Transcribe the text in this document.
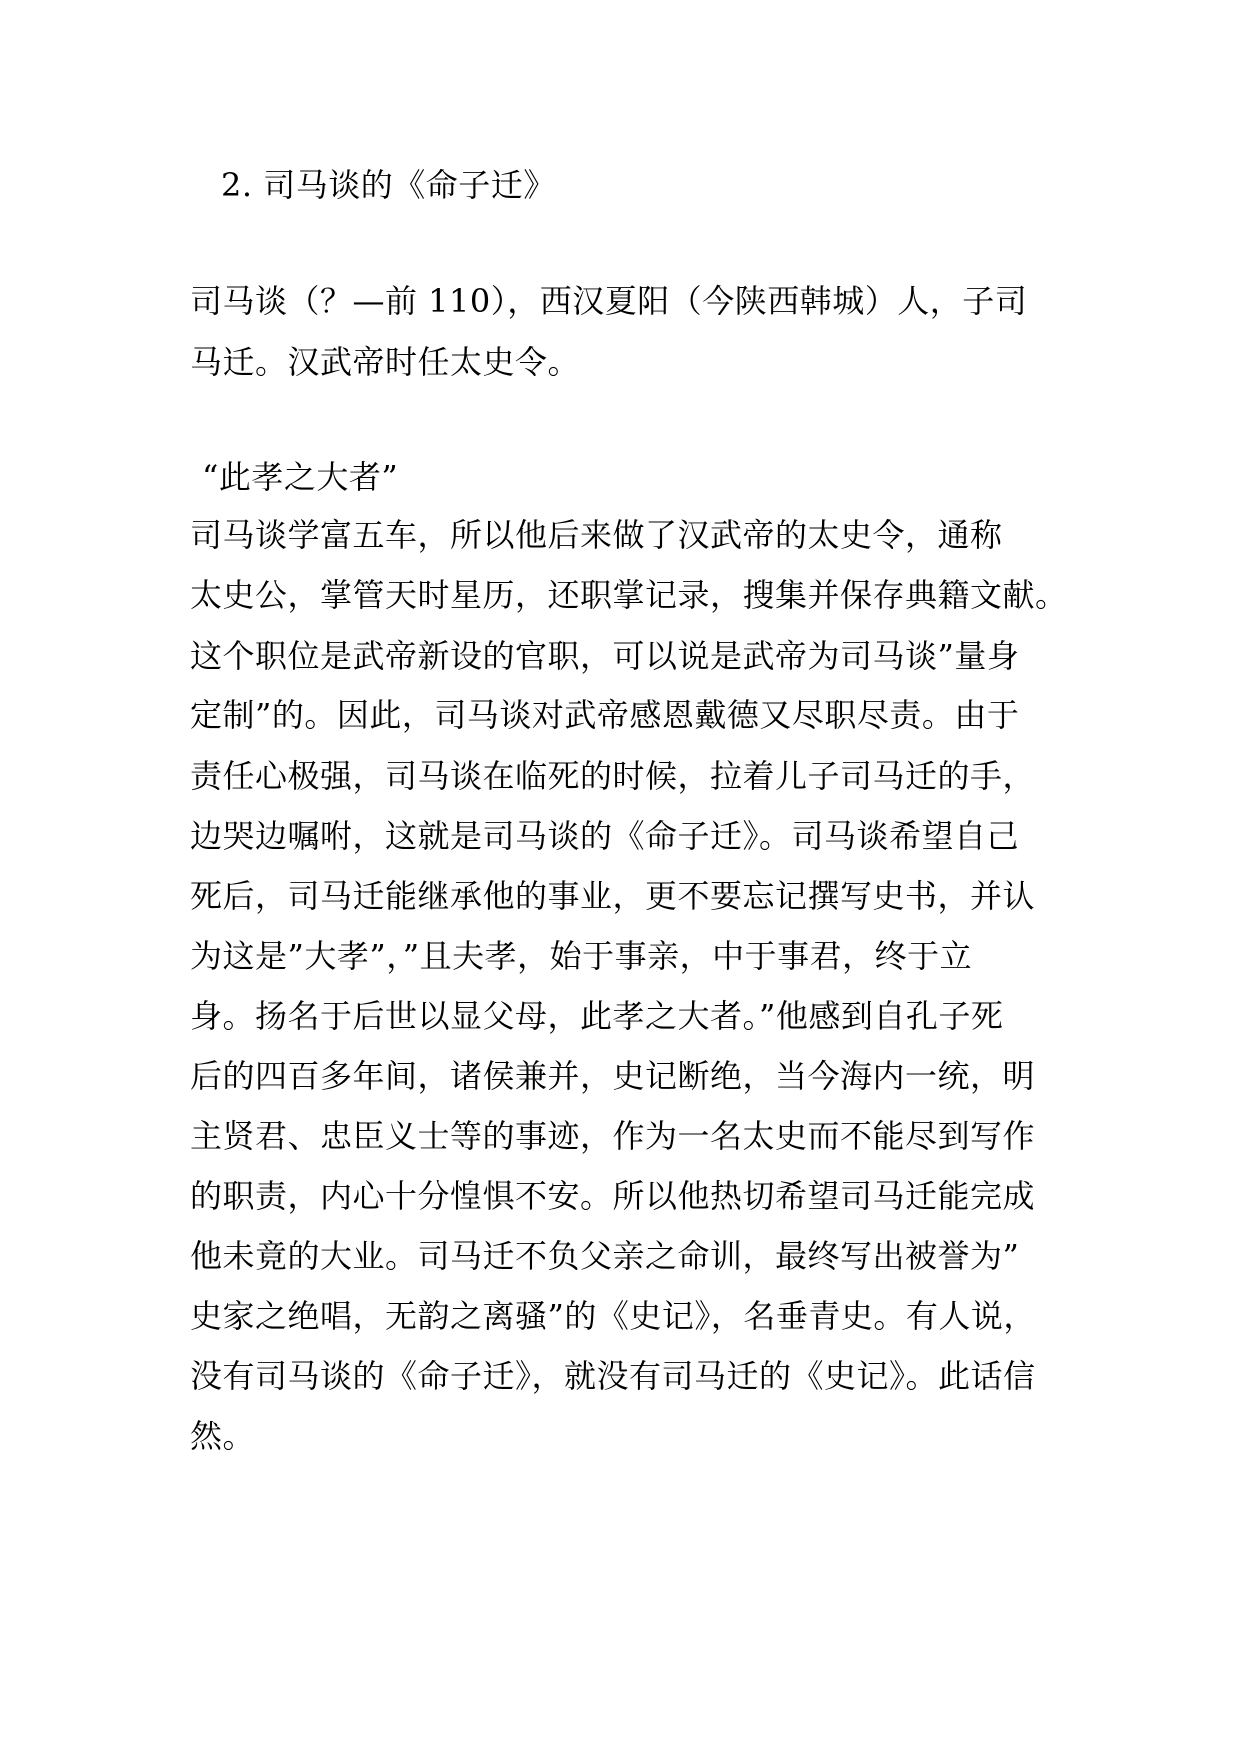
2. 司马谈的《命子迁》
司马谈（？—前 110），西汉夏阳（今陕西韩城）人，子司
马迁。汉武帝时任太史令。
“此孝之大者”
司马谈学富五车，所以他后来做了汉武帝的太史令，通称
太史公，掌管天时星历，还职掌记录，搜集并保存典籍文献。
这个职位是武帝新设的官职，可以说是武帝为司马谈”量身
定制”的。因此，司马谈对武帝感恩戴德又尽职尽责。由于
责任心极强，司马谈在临死的时候，拉着儿子司马迁的手，
边哭边嘱咐，这就是司马谈的《命子迁》。司马谈希望自己
死后，司马迁能继承他的事业，更不要忘记撰写史书，并认
为这是”大孝”，”且夫孝，始于事亲，中于事君，终于立
身。扬名于后世以显父母，此孝之大者。”他感到自孔子死
后的四百多年间，诸侯兼并，史记断绝，当今海内一统，明
主贤君、忠臣义士等的事迹，作为一名太史而不能尽到写作
的职责，内心十分惶惧不安。所以他热切希望司马迁能完成
他未竟的大业。司马迁不负父亲之命训，最终写出被誉为”
史家之绝唱，无韵之离骚”的《史记》，名垂青史。有人说，
没有司马谈的《命子迁》，就没有司马迁的《史记》。此话信
然。
